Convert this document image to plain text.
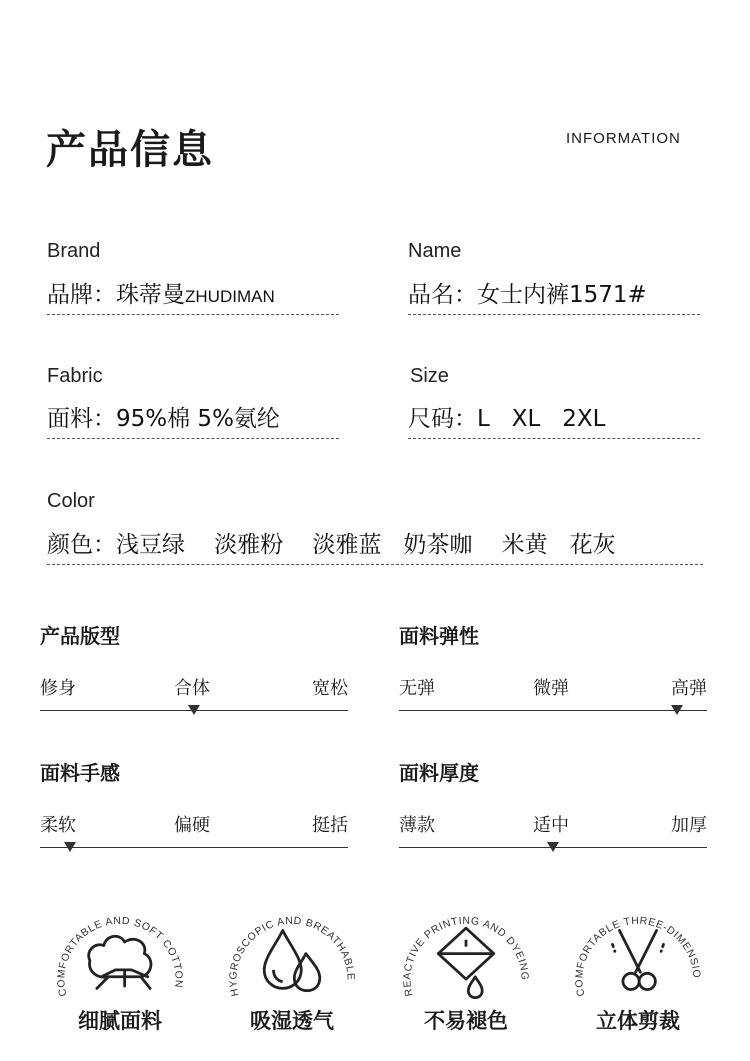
产品信息	INFORMATION
Brand
品牌：珠蒂曼ZHUDIMAN
Name
品名：女士内裤1571#
Fabric
面料：95%棉 5%氨纶
Size
尺码：L   XL   2XL
Color
颜色：浅豆绿    淡雅粉    淡雅蓝   奶茶咖    米黄   花灰
产品版型
修身	合体	宽松
面料弹性
无弹	微弹	高弹
面料手感
柔软	偏硬	挺括
面料厚度
薄款	适中	加厚
COMFORTABLE AND SOFT COTTON
细腻面料
HYGROSCOPIC AND BREATHABLE
吸湿透气
REACTIVE PRINTING AND DYEING
不易褪色
COMFORTABLE THREE-DIMENSIO
立体剪裁
